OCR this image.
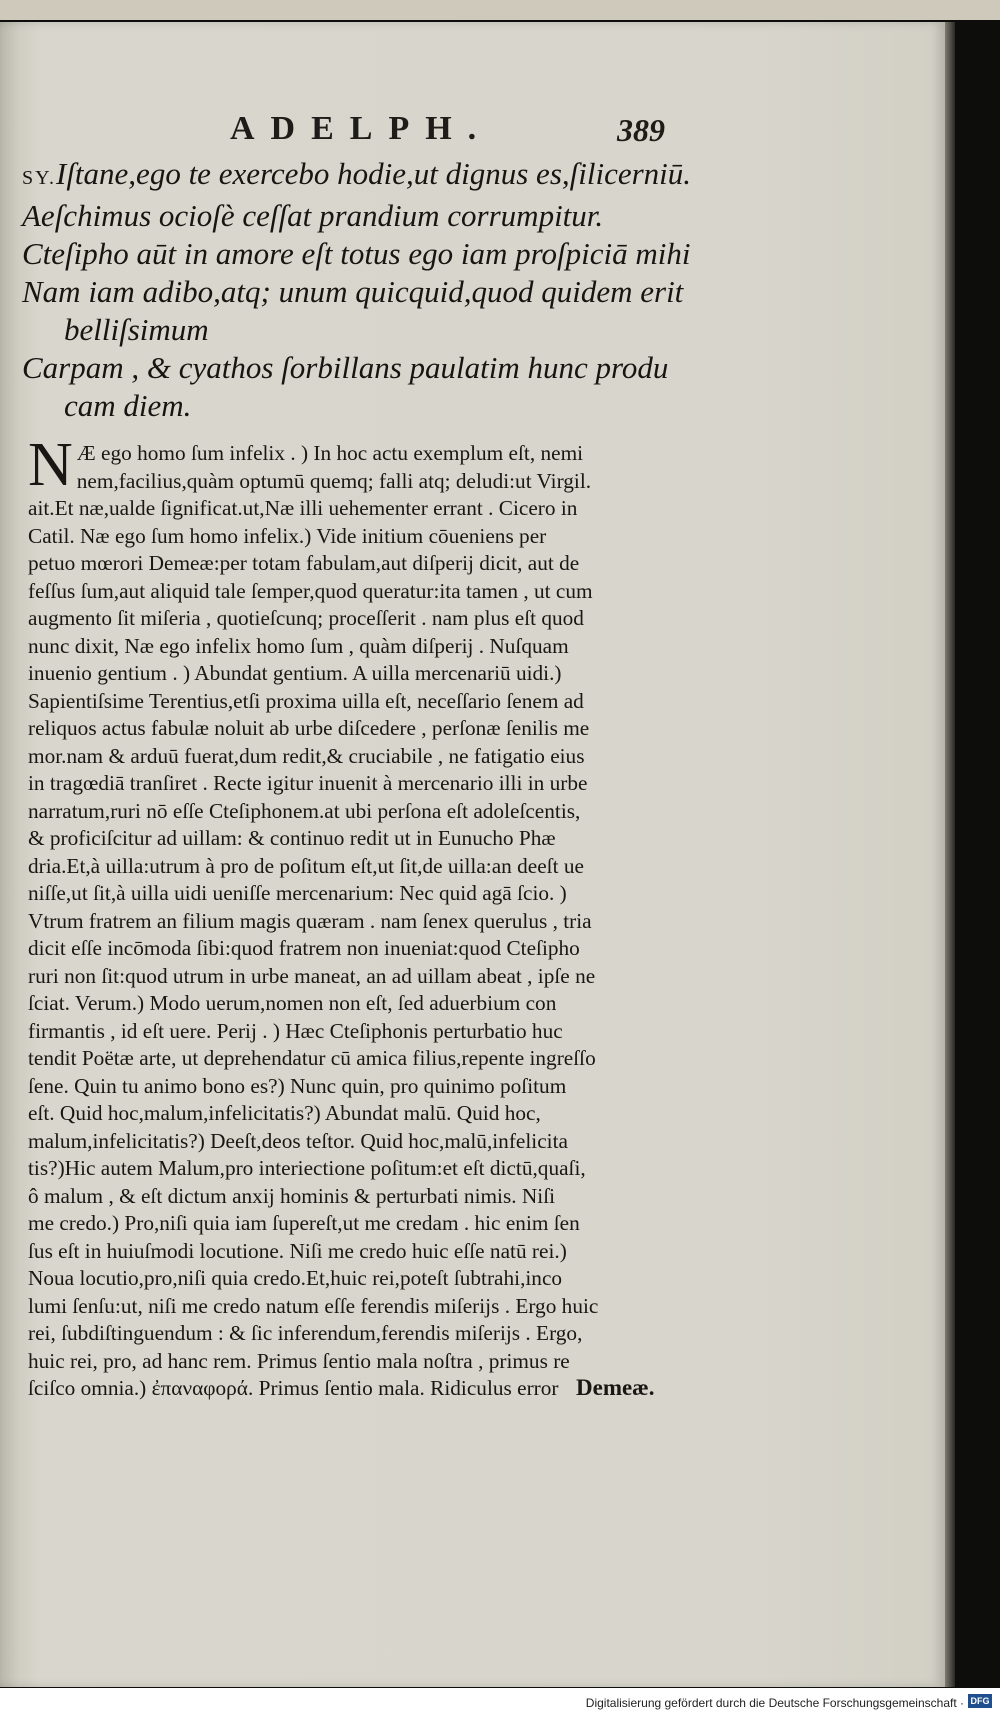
ADELPH.	389
SY.Iſtane,ego te exercebo hodie,ut dignus es,ſilicerniū.
Aeſchimus ocioſè ceſſat prandium corrumpitur.
Cteſipho aūt in amore eſt totus ego iam proſpiciā mihi
Nam iam adibo,atq; unum quicquid,quod quidem erit
belliſsimum
Carpam , & cyathos ſorbillans paulatim hunc produ
cam diem.
N Æ ego homo ſum infelix . ) In hoc actu exemplum eſt, nemi
nem,facilius,quàm optumū quemq; falli atq; deludi:ut Virgil.
ait.Et næ,ualde ſignificat.ut,Næ illi uehementer errant . Cicero in
Catil. Næ ego ſum homo infelix.) Vide initium cōueniens per
petuo mœrori Demeæ:per totam fabulam,aut diſperij dicit, aut de
feſſus ſum,aut aliquid tale ſemper,quod queratur:ita tamen , ut cum
augmento ſit miſeria , quotieſcunq; proceſſerit . nam plus eſt quod
nunc dixit, Næ ego infelix homo ſum , quàm diſperij . Nuſquam
inuenio gentium . ) Abundat gentium. A uilla mercenariū uidi.)
Sapientiſsime Terentius,etſi proxima uilla eſt, neceſſario ſenem ad
reliquos actus fabulæ noluit ab urbe diſcedere , perſonæ ſenilis me
mor.nam & arduū fuerat,dum redit,& cruciabile , ne fatigatio eius
in tragœdiā tranſiret . Recte igitur inuenit à mercenario illi in urbe
narratum,ruri nō eſſe Cteſiphonem.at ubi perſona eſt adoleſcentis,
& proficiſcitur ad uillam: & continuo redit ut in Eunucho Phæ
dria.Et,à uilla:utrum à pro de poſitum eſt,ut ſit,de uilla:an deeſt ue
niſſe,ut ſit,à uilla uidi ueniſſe mercenarium: Nec quid agā ſcio. )
Vtrum fratrem an filium magis quæram . nam ſenex querulus , tria
dicit eſſe incōmoda ſibi:quod fratrem non inueniat:quod Cteſipho
ruri non ſit:quod utrum in urbe maneat, an ad uillam abeat , ipſe ne
ſciat. Verum.) Modo uerum,nomen non eſt, ſed aduerbium con
firmantis , id eſt uere. Perij . ) Hæc Cteſiphonis perturbatio huc
tendit Poëtæ arte, ut deprehendatur cū amica filius,repente ingreſſo
ſene. Quin tu animo bono es?) Nunc quin, pro quinimo poſitum
eſt. Quid hoc,malum,infelicitatis?) Abundat malū. Quid hoc,
malum,infelicitatis?) Deeſt,deos teſtor. Quid hoc,malū,infelicita
tis?)Hic autem Malum,pro interiectione poſitum:et eſt dictū,quaſi,
ô malum , & eſt dictum anxij hominis & perturbati nimis. Niſi
me credo.) Pro,niſi quia iam ſupereſt,ut me credam . hic enim ſen
ſus eſt in huiuſmodi locutione. Niſi me credo huic eſſe natū rei.)
Noua locutio,pro,niſi quia credo.Et,huic rei,poteſt ſubtrahi,inco
lumi ſenſu:ut, niſi me credo natum eſſe ferendis miſerijs . Ergo huic
rei, ſubdiſtinguendum : & ſic inferendum,ferendis miſerijs . Ergo,
huic rei, pro, ad hanc rem. Primus ſentio mala noſtra , primus re
ſciſco omnia.) ἐπαναφορά. Primus ſentio mala. Ridiculus error Demeæ.
Digitalisierung gefördert durch die Deutsche Forschungsgemeinschaft · DFG
